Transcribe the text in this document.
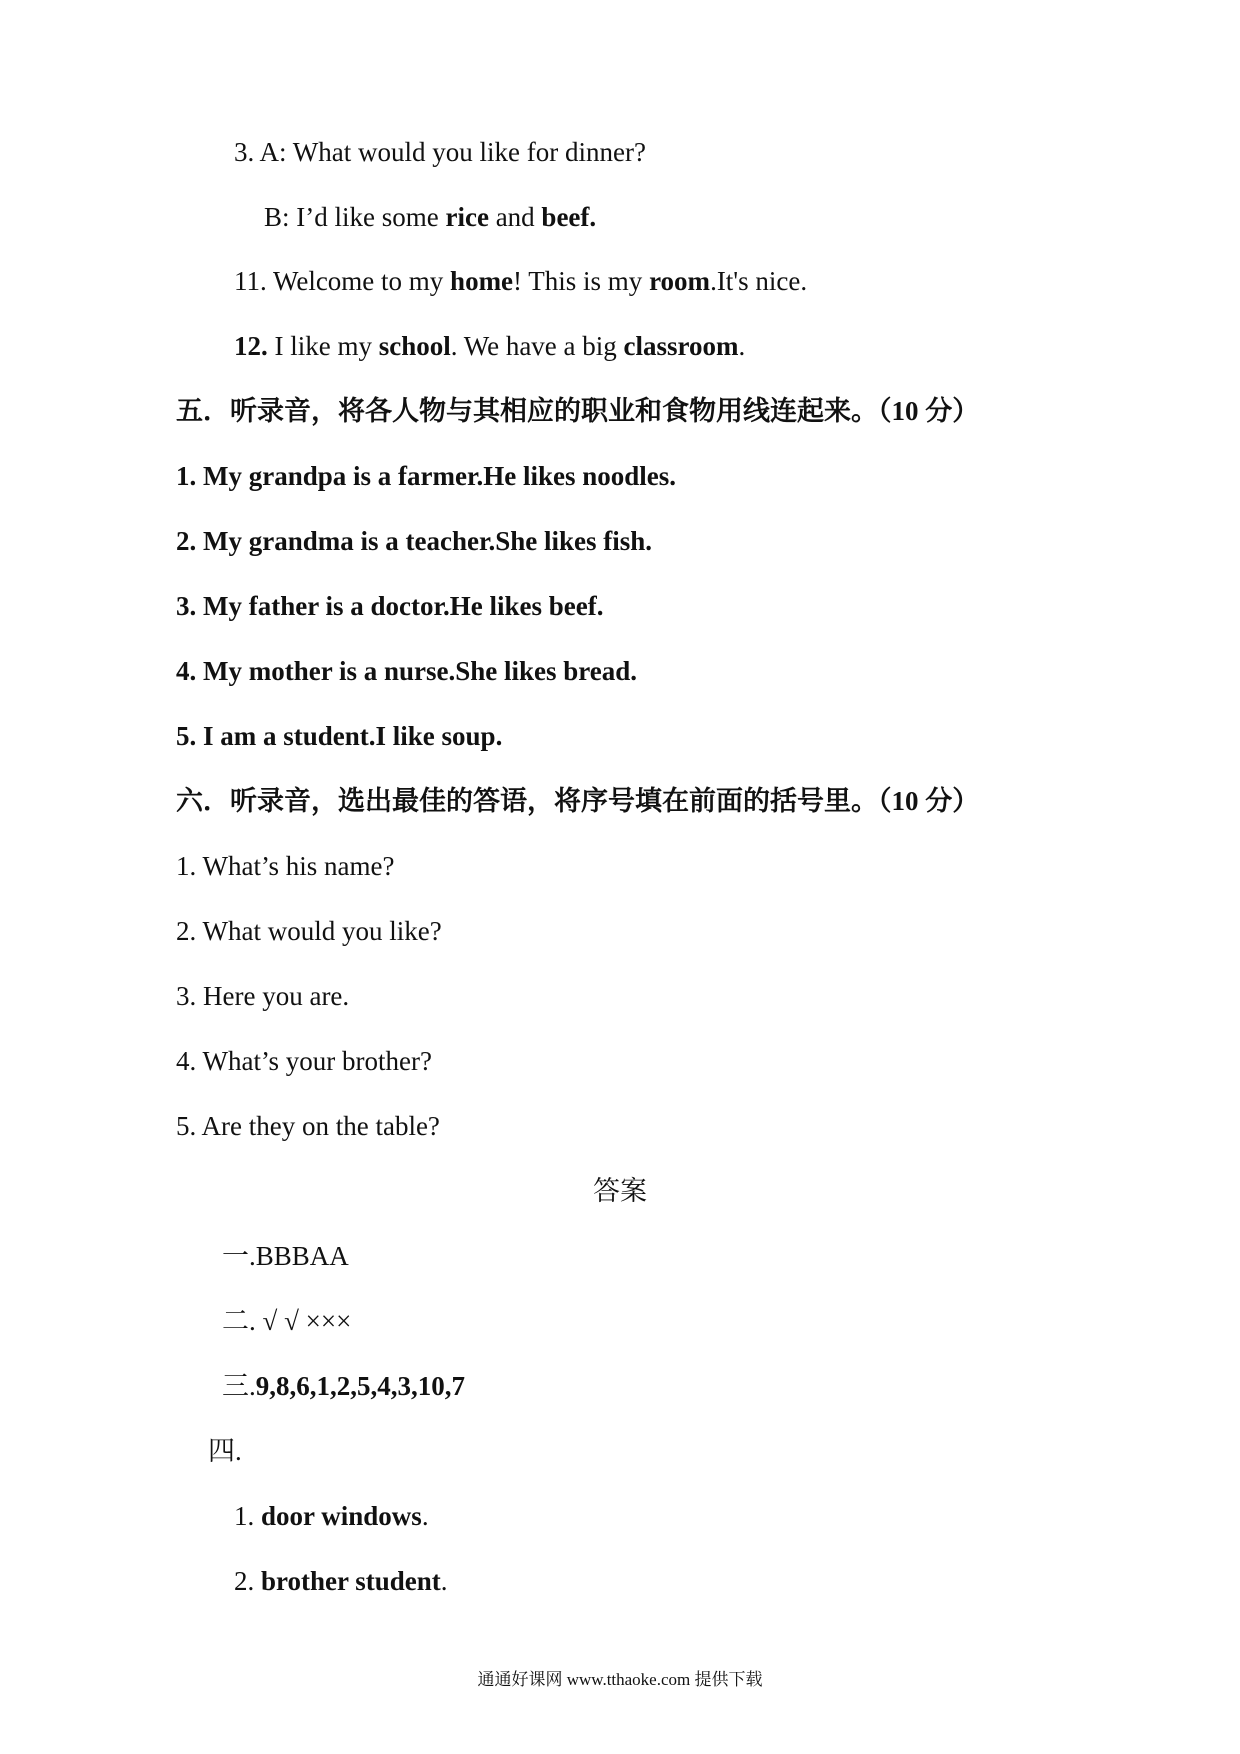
3. A: What would you like for dinner?
B: I’d like some rice and beef.
11. Welcome to my home! This is my room.It's nice.
12. I like my school. We have a big classroom.
五．听录音，将各人物与其相应的职业和食物用线连起来。（10 分）
1. My grandpa is a farmer.He likes noodles.
2. My grandma is a teacher.She likes fish.
3. My father is a doctor.He likes beef.
4. My mother is a nurse.She likes bread.
5. I am a student.I like soup.
六．听录音，选出最佳的答语，将序号填在前面的括号里。（10 分）
1. What’s his name?
2. What would you like?
3. Here you are.
4. What’s your brother?
5. Are they on the table?
答案
一.BBBAA
二. √ √ ×××
三.9,8,6,1,2,5,4,3,10,7
四.
1. door windows.
2. brother student.
通通好课网 www.tthaoke.com 提供下载
